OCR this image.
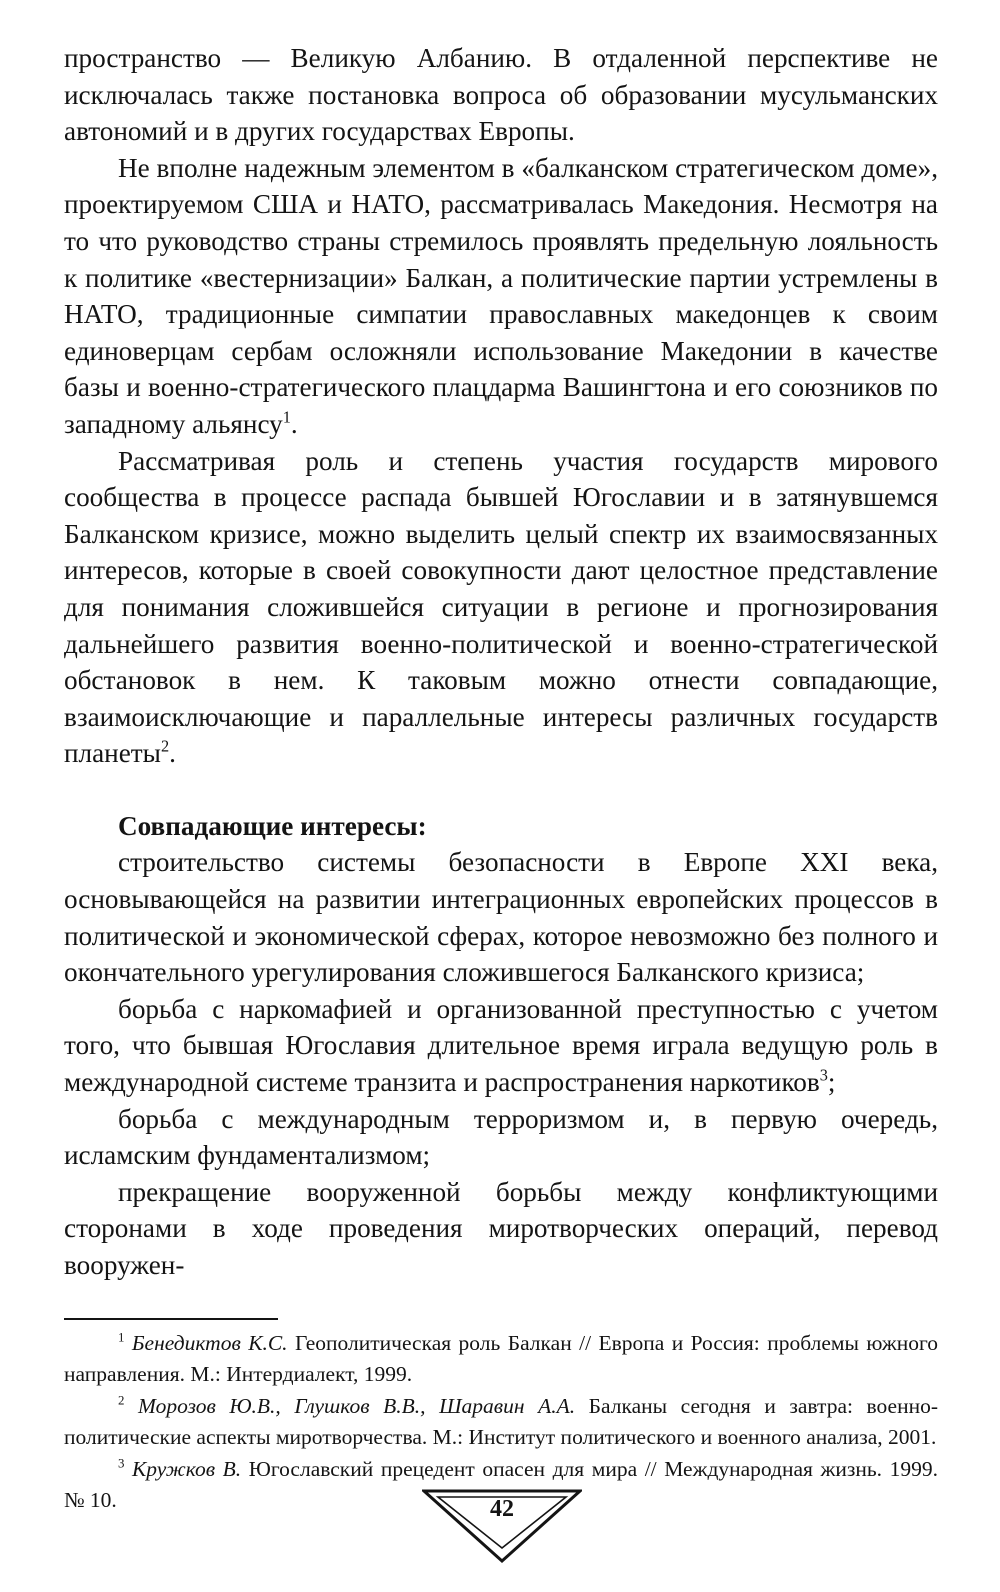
пространство — Великую Албанию. В отдаленной перспективе не исключалась также постановка вопроса об образовании мусульманских автономий и в других государствах Европы.

Не вполне надежным элементом в «балканском стратегическом доме», проектируемом США и НАТО, рассматривалась Македония. Несмотря на то что руководство страны стремилось проявлять предельную лояльность к политике «вестернизации» Балкан, а политические партии устремлены в НАТО, традиционные симпатии православных македонцев к своим единоверцам сербам осложняли использование Македонии в качестве базы и военно-стратегического плацдарма Вашингтона и его союзников по западному альянсу$^1$.

Рассматривая роль и степень участия государств мирового сообщества в процессе распада бывшей Югославии и в затянувшемся Балканском кризисе, можно выделить целый спектр их взаимосвязанных интересов, которые в своей совокупности дают целостное представление для понимания сложившейся ситуации в регионе и прогнозирования дальнейшего развития военно-политической и военно-стратегической обстановок в нем. К таковым можно отнести совпадающие, взаимоисключающие и параллельные интересы различных государств планеты$^2$.

Совпадающие интересы:

строительство системы безопасности в Европе XXI века, основывающейся на развитии интеграционных европейских процессов в политической и экономической сферах, которое невозможно без полного и окончательного урегулирования сложившегося Балканского кризиса;

борьба с наркомафией и организованной преступностью с учетом того, что бывшая Югославия длительное время играла ведущую роль в международной системе транзита и распространения наркотиков$^3$;

борьба с международным терроризмом и, в первую очередь, исламским фундаментализмом;

прекращение вооруженной борьбы между конфликтующими сторонами в ходе проведения миротворческих операций, перевод вооружен-

$^1$ Бенедиктов К.С. Геополитическая роль Балкан // Европа и Россия: проблемы южного направления. М.: Интердиалект, 1999.

$^2$ Морозов Ю.В., Глушков В.В., Шаравин А.А. Балканы сегодня и завтра: военно-политические аспекты миротворчества. М.: Институт политического и военного анализа, 2001.

$^3$ Кружков В. Югославский прецедент опасен для мира // Международная жизнь. 1999. № 10.	42
